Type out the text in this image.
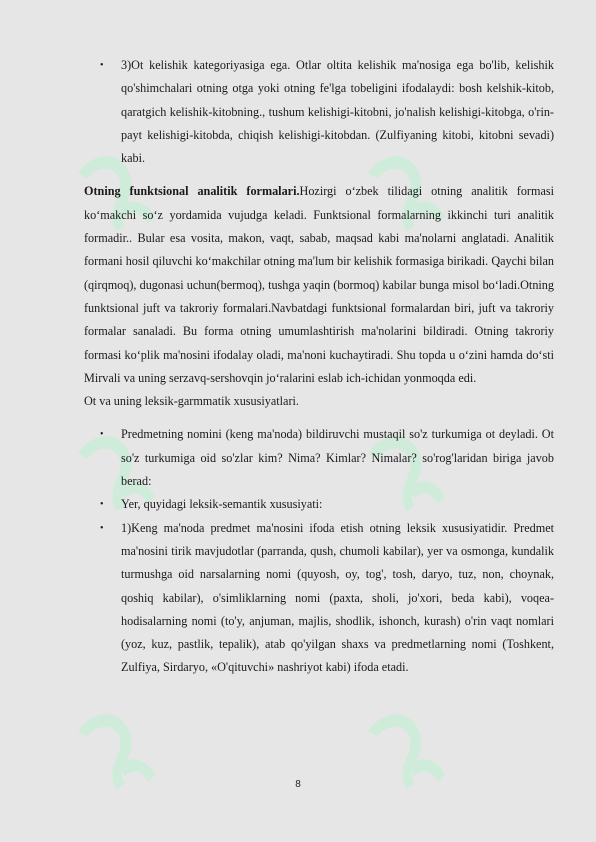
• 3)Ot kelishik kategoriyasiga ega. Otlar oltita kelishik ma'nosiga ega bo'lib, kelishik qo'shimchalari otning otga yoki otning fe'lga tobeligini ifodalaydi: bosh kelshik-kitob, qaratgich kelishik-kitobning., tushum kelishigi-kitobni, jo'nalish kelishigi-kitobga, o'rin-payt kelishigi-kitobda, chiqish kelishigi-kitobdan. (Zulfiyaning kitobi, kitobni sevadi) kabi.

Otning funktsional analitik formalari.Hozirgi o‘zbek tilidagi otning analitik formasi ko‘makchi so‘z yordamida vujudga keladi. Funktsional formalarning ikkinchi turi analitik formadir.. Bular esa vosita, makon, vaqt, sabab, maqsad kabi ma'nolarni anglatadi. Analitik formani hosil qiluvchi ko‘makchilar otning ma'lum bir kelishik formasiga birikadi. Qaychi bilan (qirqmoq), dugonasi uchun(bermoq), tushga yaqin (bormoq) kabilar bunga misol bo‘ladi.Otning funktsional juft va takroriy formalari.Navbatdagi funktsional formalardan biri, juft va takroriy formalar sanaladi. Bu forma otning umumlashtirish ma'nolarini bildiradi. Otning takroriy formasi ko‘plik ma'nosini ifodalay oladi, ma'noni kuchaytiradi. Shu topda u o‘zini hamda do‘sti Mirvali va uning serzavq-sershovqin jo‘ralarini eslab ich-ichidan yonmoqda edi.

Ot va uning leksik-garmmatik xususiyatlari.

• Predmetning nomini (keng ma'noda) bildiruvchi mustaqil so'z turkumiga ot deyladi. Ot so'z turkumiga oid so'zlar kim? Nima? Kimlar? Nimalar? so'rog'laridan biriga javob berad:
• Yer, quyidagi leksik-semantik xususiyati:
• 1)Keng ma'noda predmet ma'nosini ifoda etish otning leksik xususiyatidir. Predmet ma'nosini tirik mavjudotlar (parranda, qush, chumoli kabilar), yer va osmonga, kundalik turmushga oid narsalarning nomi (quyosh, oy, tog', tosh, daryo, tuz, non, choynak, qoshiq kabilar), o'simliklarning nomi (paxta, sholi, jo'xori, beda kabi), voqea-hodisalarning nomi (to'y, anjuman, majlis, shodlik, ishonch, kurash) o'rin vaqt nomlari (yoz, kuz, pastlik, tepalik), atab qo'yilgan shaxs va predmetlarning nomi (Toshkent, Zulfiya, Sirdaryo, «O'qituvchi» nashriyot kabi) ifoda etadi.
8
